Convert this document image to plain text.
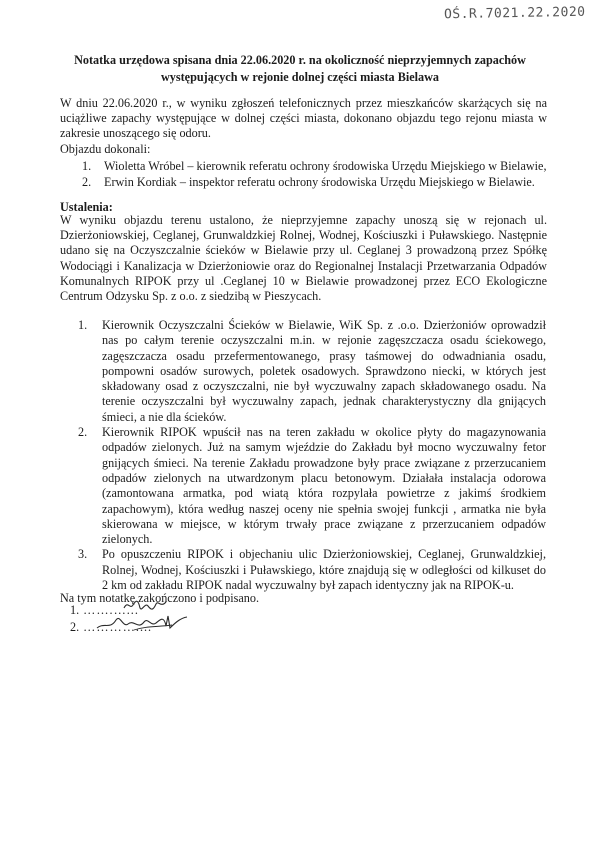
OŚ.R.7021.22.2020
Notatka urzędowa spisana dnia 22.06.2020 r. na okoliczność nieprzyjemnych zapachów występujących w rejonie dolnej części miasta Bielawa

W dniu 22.06.2020 r., w wyniku zgłoszeń telefonicznych przez mieszkańców skarżących się na uciążliwe zapachy występujące w dolnej części miasta, dokonano objazdu tego rejonu miasta w zakresie unoszącego się odoru.
Objazdu dokonali:

1.	Wioletta Wróbel – kierownik referatu ochrony środowiska Urzędu Miejskiego w Bielawie,
2.	Erwin Kordiak – inspektor referatu ochrony środowiska Urzędu Miejskiego w Bielawie.
Ustalenia:

W wyniku objazdu terenu ustalono, że nieprzyjemne zapachy unoszą się w rejonach ul. Dzierżoniowskiej, Ceglanej, Grunwaldzkiej Rolnej, Wodnej, Kościuszki i Puławskiego. Następnie udano się na Oczyszczalnie ścieków w Bielawie przy ul. Ceglanej 3 prowadzoną przez Spółkę Wodociągi i Kanalizacja w Dzierżoniowie oraz do Regionalnej Instalacji Przetwarzania Odpadów Komunalnych RIPOK przy ul .Ceglanej 10 w Bielawie prowadzonej przez ECO Ekologiczne Centrum Odzysku Sp. z o.o. z siedzibą w Pieszycach.

1.	Kierownik Oczyszczalni Ścieków w Bielawie, WiK Sp. z .o.o. Dzierżoniów oprowadził nas po całym terenie oczyszczalni m.in. w rejonie zagęszczacza osadu ściekowego, zagęszczacza osadu przefermentowanego, prasy taśmowej do odwadniania osadu, pompowni osadów surowych, poletek osadowych. Sprawdzono niecki, w których jest składowany osad z oczyszczalni, nie był wyczuwalny zapach składowanego osadu. Na terenie oczyszczalni był wyczuwalny zapach, jednak charakterystyczny dla gnijących śmieci, a nie dla ścieków.
2.	Kierownik RIPOK wpuścił nas na teren zakładu w okolice płyty do magazynowania odpadów zielonych. Już na samym wjeździe do Zakładu był mocno wyczuwalny fetor gnijących śmieci. Na terenie Zakładu prowadzone były prace związane z przerzucaniem odpadów zielonych na utwardzonym placu betonowym. Działała instalacja odorowa (zamontowana armatka, pod wiatą która rozpylała powietrze z jakimś środkiem zapachowym), która według naszej oceny nie spełnia swojej funkcji , armatka nie była skierowana w miejsce, w którym trwały prace związane z przerzucaniem odpadów zielonych.
3.	Po opuszczeniu RIPOK i objechaniu ulic Dzierżoniowskiej, Ceglanej, Grunwaldzkiej, Rolnej, Wodnej, Kościuszki i Puławskiego, które znajdują się w odległości od kilkuset do 2 km od zakładu RIPOK nadal wyczuwalny był zapach identyczny jak na RIPOK-u.

Na tym notatkę zakończono i podpisano.

1. …….…...
2. …………....
